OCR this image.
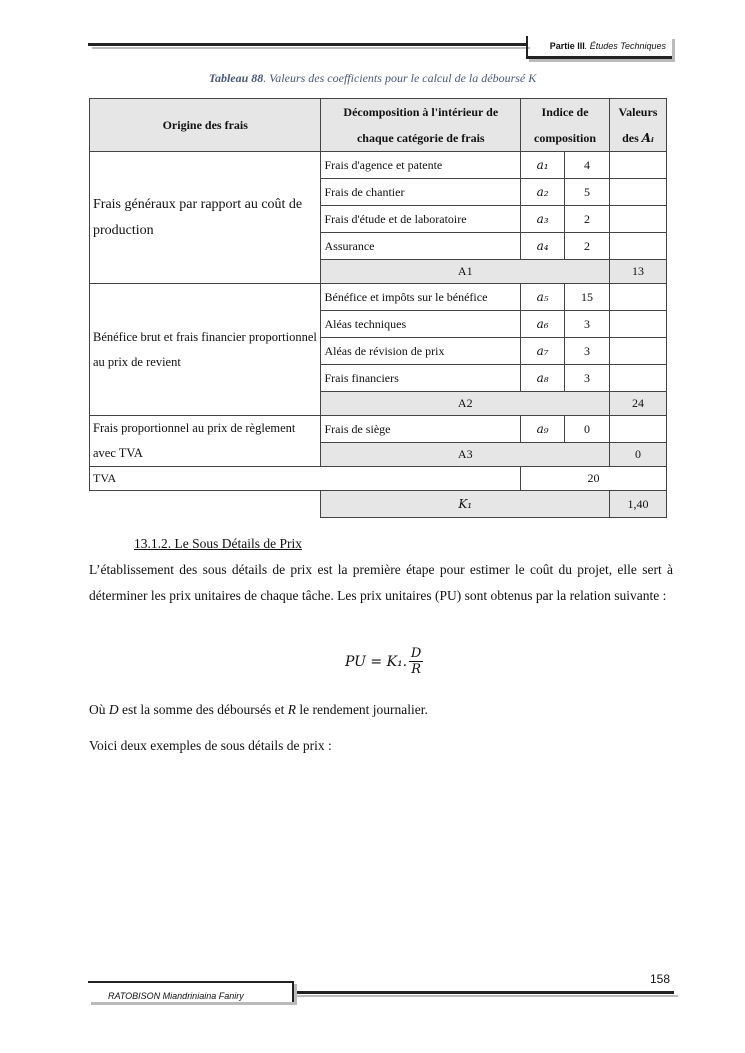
Partie III. Études Techniques
Tableau 88. Valeurs des coefficients pour le calcul de la déboursé K
Origine des frais	Décomposition à l'intérieur de chaque catégorie de frais	Indice de composition		Valeurs des Aᵢ
Frais généraux par rapport au coût de production	Frais d'agence et patente	a₁	4	
	Frais de chantier	a₂	5	
	Frais d'étude et de laboratoire	a₃	2	
	Assurance	a₄	2	
	A1			13
Bénéfice brut et frais financier proportionnel au prix de revient	Bénéfice et impôts sur le bénéfice	a₅	15	
	Aléas techniques	a₆	3	
	Aléas de révision de prix	a₇	3	
	Frais financiers	a₈	3	
	A2			24
Frais proportionnel au prix de règlement avec TVA	Frais de siège	a₉	0	
	A3			0
TVA		20		
	K₁			1,40
13.1.2. Le Sous Détails de Prix
L’établissement des sous détails de prix est la première étape pour estimer le coût du projet, elle sert à déterminer les prix unitaires de chaque tâche. Les prix unitaires (PU) sont obtenus par la relation suivante :
PU = K₁. $\frac{D}{R}$
Où D est la somme des déboursés et R le rendement journalier.
Voici deux exemples de sous détails de prix :
158
RATOBISON Miandriniaina Faniry
